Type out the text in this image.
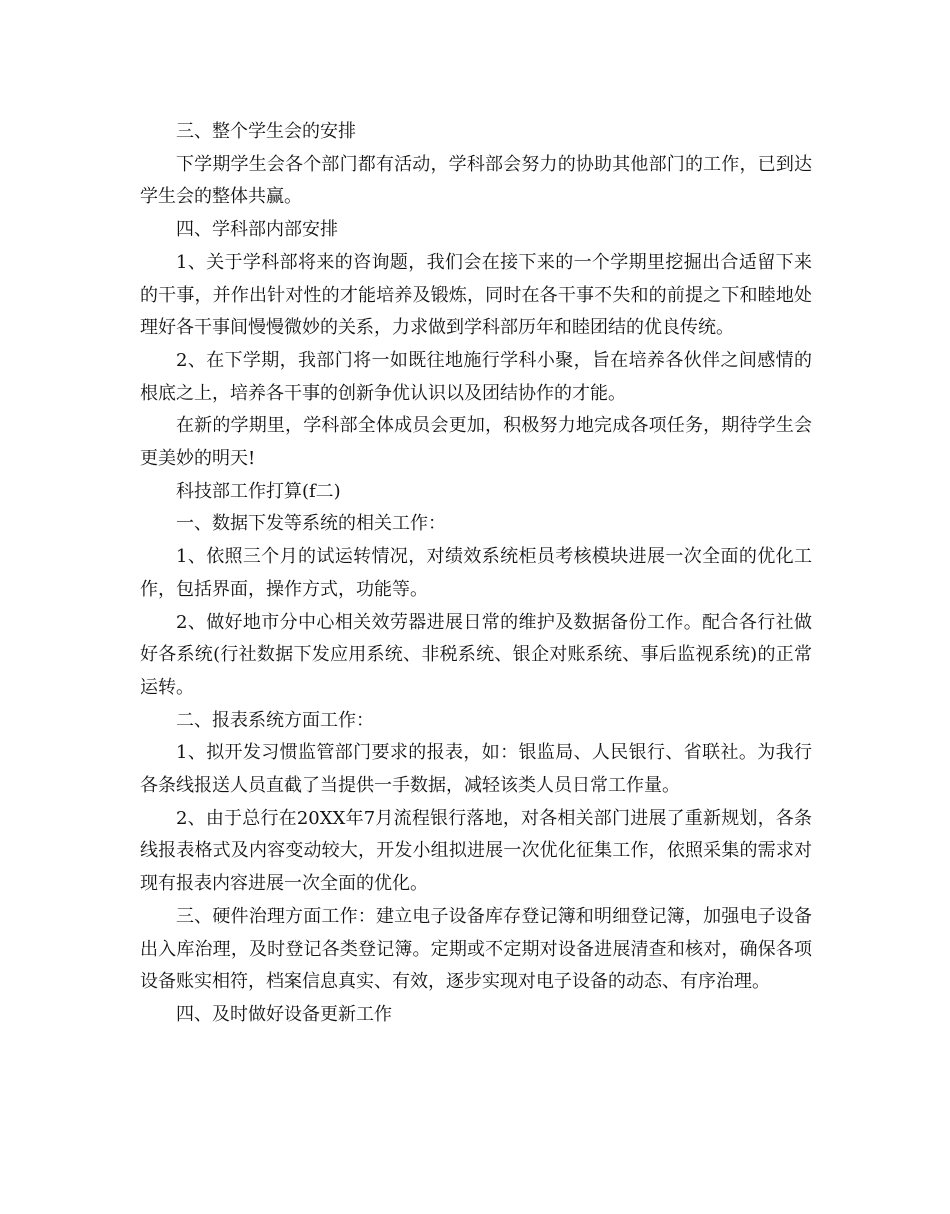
三、整个学生会的安排

下学期学生会各个部门都有活动，学科部会努力的协助其他部门的工作，已到达学生会的整体共赢。

四、学科部内部安排

1、关于学科部将来的咨询题，我们会在接下来的一个学期里挖掘出合适留下来的干事，并作出针对性的才能培养及锻炼，同时在各干事不失和的前提之下和睦地处理好各干事间慢慢微妙的关系，力求做到学科部历年和睦团结的优良传统。

2、在下学期，我部门将一如既往地施行学科小聚，旨在培养各伙伴之间感情的根底之上，培养各干事的创新争优认识以及团结协作的才能。

在新的学期里，学科部全体成员会更加，积极努力地完成各项任务，期待学生会更美妙的明天!

科技部工作打算(f二)

一、数据下发等系统的相关工作：

1、依照三个月的试运转情况，对绩效系统柜员考核模块进展一次全面的优化工作，包括界面，操作方式，功能等。

2、做好地市分中心相关效劳器进展日常的维护及数据备份工作。配合各行社做好各系统(行社数据下发应用系统、非税系统、银企对账系统、事后监视系统)的正常运转。

二、报表系统方面工作：

1、拟开发习惯监管部门要求的报表，如：银监局、人民银行、省联社。为我行各条线报送人员直截了当提供一手数据，减轻该类人员日常工作量。

2、由于总行在20XX年7月流程银行落地，对各相关部门进展了重新规划，各条线报表格式及内容变动较大，开发小组拟进展一次优化征集工作，依照采集的需求对现有报表内容进展一次全面的优化。

三、硬件治理方面工作：建立电子设备库存登记簿和明细登记簿，加强电子设备出入库治理，及时登记各类登记簿。定期或不定期对设备进展清查和核对，确保各项设备账实相符，档案信息真实、有效，逐步实现对电子设备的动态、有序治理。

四、及时做好设备更新工作
